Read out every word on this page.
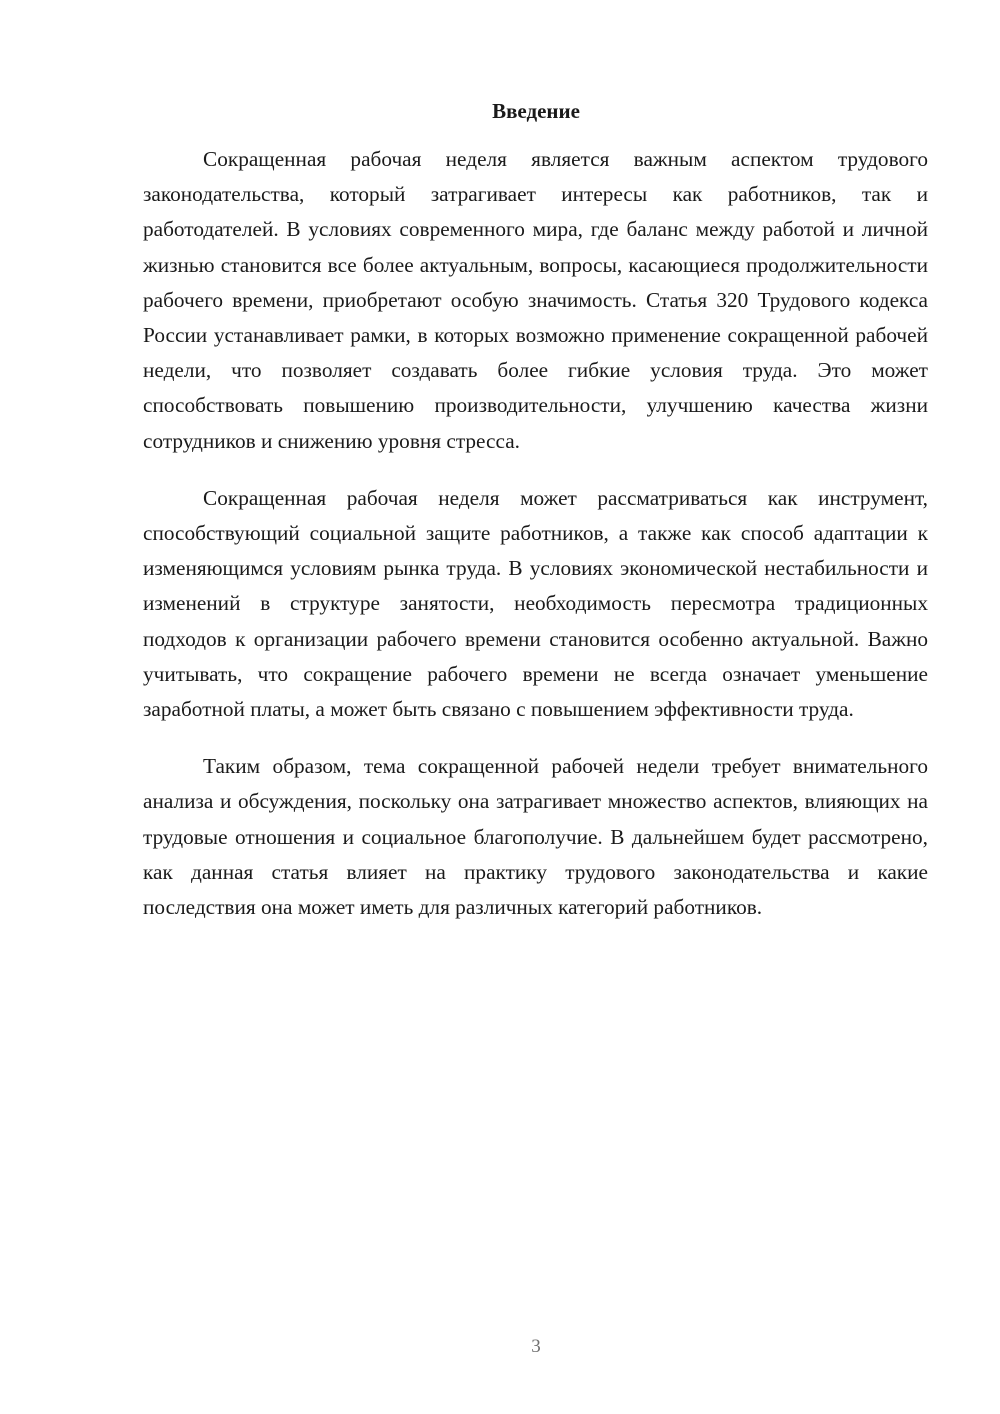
Введение

Сокращенная рабочая неделя является важным аспектом трудового законодательства, который затрагивает интересы как работников, так и работодателей. В условиях современного мира, где баланс между работой и личной жизнью становится все более актуальным, вопросы, касающиеся продолжительности рабочего времени, приобретают особую значимость. Статья 320 Трудового кодекса России устанавливает рамки, в которых возможно применение сокращенной рабочей недели, что позволяет создавать более гибкие условия труда. Это может способствовать повышению производительности, улучшению качества жизни сотрудников и снижению уровня стресса.

Сокращенная рабочая неделя может рассматриваться как инструмент, способствующий социальной защите работников, а также как способ адаптации к изменяющимся условиям рынка труда. В условиях экономической нестабильности и изменений в структуре занятости, необходимость пересмотра традиционных подходов к организации рабочего времени становится особенно актуальной. Важно учитывать, что сокращение рабочего времени не всегда означает уменьшение заработной платы, а может быть связано с повышением эффективности труда.

Таким образом, тема сокращенной рабочей недели требует внимательного анализа и обсуждения, поскольку она затрагивает множество аспектов, влияющих на трудовые отношения и социальное благополучие. В дальнейшем будет рассмотрено, как данная статья влияет на практику трудового законодательства и какие последствия она может иметь для различных категорий работников.

3
